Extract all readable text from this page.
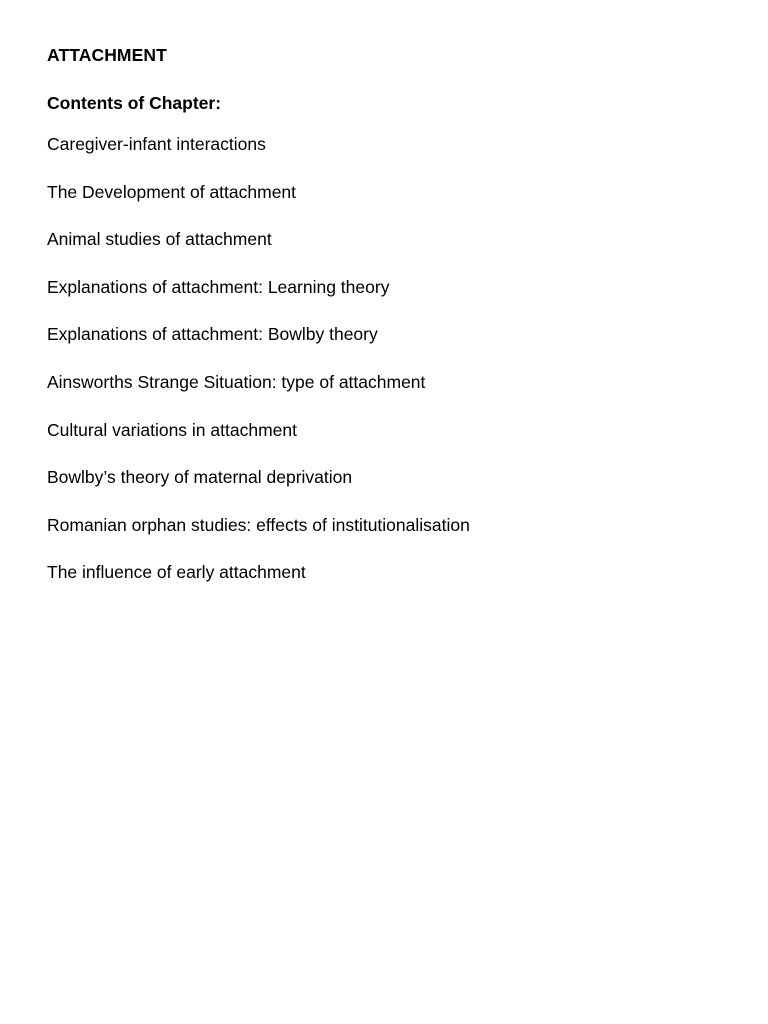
ATTACHMENT
Contents of Chapter:
Caregiver-infant interactions
The Development of attachment
Animal studies of attachment
Explanations of attachment: Learning theory
Explanations of attachment: Bowlby theory
Ainsworths Strange Situation: type of attachment
Cultural variations in attachment
Bowlby’s theory of maternal deprivation
Romanian orphan studies: effects of institutionalisation
The influence of early attachment
